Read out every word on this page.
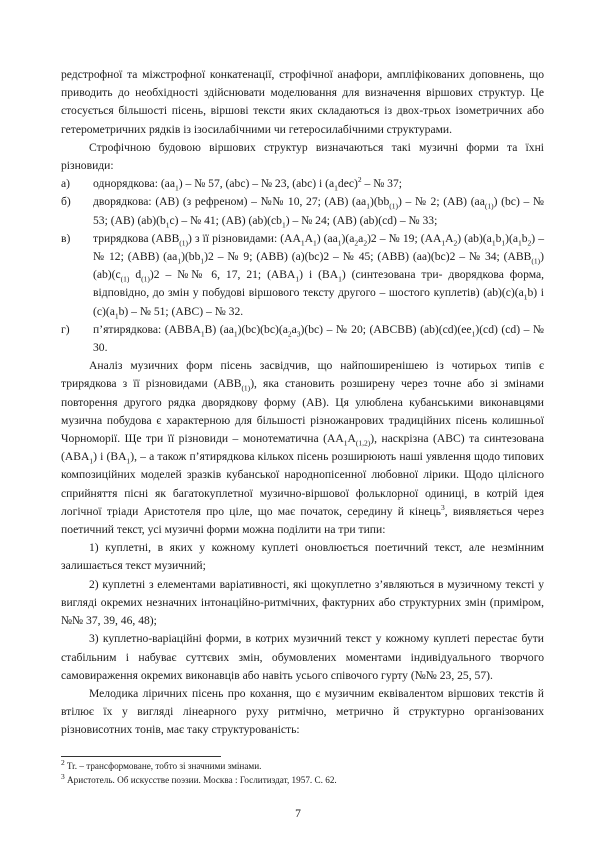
редстрофної та міжстрофної конкатенації, строфічної анафори, ампліфікованих доповнень, що приводить до необхідності здійснювати моделювання для визначення віршових структур. Це стосується більшості пісень, віршові тексти яких складаються із двох-трьох ізометричних або гетерометричних рядків із ізосилабічними чи гетеросилабічними структурами.

Строфічною будовою віршових структур визначаються такі музичні форми та їхні різновиди:

а) однорядкова: $(aa_1)$ – № 57, (abc) – № 23, (abc) і $(a_1dec)^2$ – № 37;

б) дворядкова: (AB) (з рефреном) – №№ 10, 27; (AB) $(aa_1)(bb_{(1)})$ – № 2; (AB) $(aa_{(1)})$ (bc) – № 53; (AB) $(ab)(b_1c)$ – № 41; (AB) $(ab)(cb_1)$ – № 24; (AB) (ab)(cd) – № 33;

в) трирядкова $(ABB_{(1)})$ з її різновидами: $(AA_1A_1)$ $(aa_1)(a_2a_2)2$ – № 19; $(AA_1A_2)$ $(ab)(a_1b_1)(a_1b_2)$ – № 12; (ABB) $(aa_1)(bb_1)2$ – № 9; (ABB) (a)(bc)2 – № 45; (ABB) (aa)(bc)2 – № 34; $(ABB_{(1)})$ $(ab)(c_{(1)}$ $d_{(1)})2$ – №№ 6, 17, 21; $(ABA_1)$ і $(BA_1)$ (синтезована три- дворядкова форма, відповідно, до змін у побудові віршового тексту другого – шостого куплетів) $(ab)(c)(a_1b)$ і $(c)(a_1b)$ – № 51; (ABC) – № 32.

г) п’ятирядкова: $(ABBA_1B)$ $(aa_1)(bc)(bc)(a_2a_3)(bc)$ – № 20; (ABCBB) $(ab)(cd)(ee_1)(cd)$ (cd) – № 30.

Аналіз музичних форм пісень засвідчив, що найпоширенішею із чотирьох типів є трирядкова з її різновидами $(ABB_{(1)})$, яка становить розширену через точне або зі змінами повторення другого рядка дворядкову форму (AB). Ця улюблена кубанськими виконавцями музична побудова є характерною для більшості різножанрових традиційних пісень колишньої Чорноморії. Ще три її різновиди – монотематична $(AA_1A_{(1,2)})$, наскрізна (ABC) та синтезована $(ABA_1)$ і $(BA_1)$, – а також п’ятирядкова кількох пісень розширюють наші уявлення щодо типових композиційних моделей зразків кубанської народнопісенної любовної лірики. Щодо цілісного сприйняття пісні як багатокуплетної музично-віршової фольклорної одиниці, в котрій ідея логічної тріади Аристотеля про ціле, що має початок, середину й кінець$^3$, виявляється через поетичний текст, усі музичні форми можна поділити на три типи:

1) куплетні, в яких у кожному куплеті оновлюється поетичний текст, але незмінним залишається текст музичний;

2) куплетні з елементами варіативності, які щокуплетно з’являються в музичному тексті у вигляді окремих незначних інтонаційно-ритмічних, фактурних або структурних змін (приміром, №№ 37, 39, 46, 48);

3) куплетно-варіаційні форми, в котрих музичний текст у кожному куплеті перестає бути стабільним і набуває суттєвих змін, обумовлених моментами індивідуального творчого самовираження окремих виконавців або навіть усього співочого гурту (№№ 23, 25, 57).

Мелодика ліричних пісень про кохання, що є музичним еквівалентом віршових текстів й втілює їх у вигляді лінеарного руху ритмічно, метрично й структурно організованих різновисотних тонів, має таку структурованість:

$^2$ Tr. – трансформоване, тобто зі значними змінами.

$^3$ Аристотель. Об искусстве поэзии. Москва : Гослитиздат, 1957. С. 62.

7
